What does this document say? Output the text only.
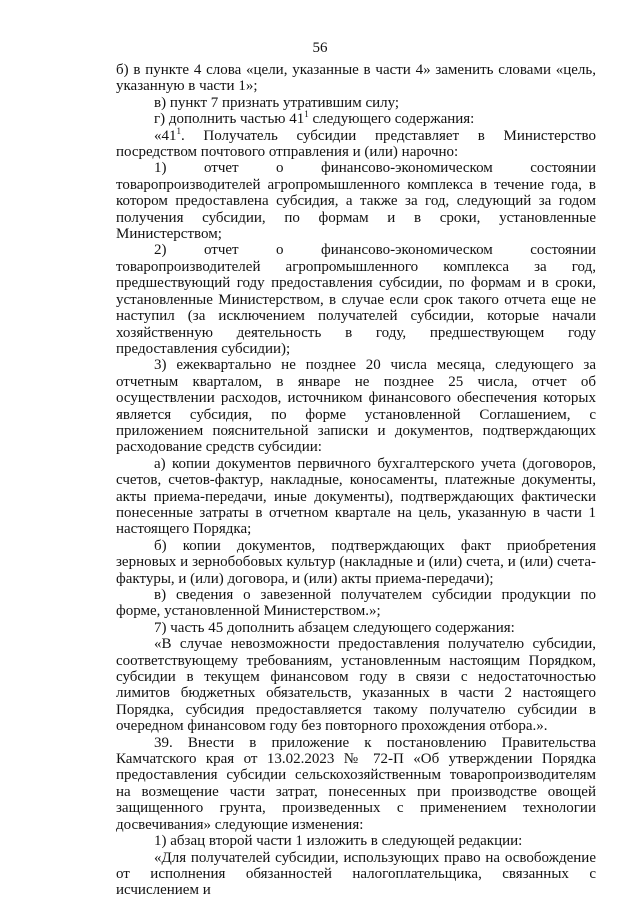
56

б) в пункте 4 слова «цели, указанные в части 4» заменить словами «цель, указанную в части 1»;

в) пункт 7 признать утратившим силу;

г) дополнить частью $41^1$ следующего содержания:

«$41^1$. Получатель субсидии представляет в Министерство посредством почтового отправления и (или) нарочно:

1) отчет о финансово-экономическом состоянии товаропроизводителей агропромышленного комплекса в течение года, в котором предоставлена субсидия, а также за год, следующий за годом получения субсидии, по формам и в сроки, установленные Министерством;

2) отчет о финансово-экономическом состоянии товаропроизводителей агропромышленного комплекса за год, предшествующий году предоставления субсидии, по формам и в сроки, установленные Министерством, в случае если срок такого отчета еще не наступил (за исключением получателей субсидии, которые начали хозяйственную деятельность в году, предшествующем году предоставления субсидии);

3) ежеквартально не позднее 20 числа месяца, следующего за отчетным кварталом, в январе не позднее 25 числа, отчет об осуществлении расходов, источником финансового обеспечения которых является субсидия, по форме установленной Соглашением, с приложением пояснительной записки и документов, подтверждающих расходование средств субсидии:

а) копии документов первичного бухгалтерского учета (договоров, счетов, счетов-фактур, накладные, коносаменты, платежные документы, акты приема-передачи, иные документы), подтверждающих фактически понесенные затраты в отчетном квартале на цель, указанную в части 1 настоящего Порядка;

б) копии документов, подтверждающих факт приобретения зерновых и зернобобовых культур (накладные и (или) счета, и (или) счета-фактуры, и (или) договора, и (или) акты приема-передачи);

в) сведения о завезенной получателем субсидии продукции по форме, установленной Министерством.»;

7) часть 45 дополнить абзацем следующего содержания:

«В случае невозможности предоставления получателю субсидии, соответствующему требованиям, установленным настоящим Порядком, субсидии в текущем финансовом году в связи с недостаточностью лимитов бюджетных обязательств, указанных в части 2 настоящего Порядка, субсидия предоставляется такому получателю субсидии в очередном финансовом году без повторного прохождения отбора.».

39. Внести в приложение к постановлению Правительства Камчатского края от 13.02.2023 № 72-П «Об утверждении Порядка предоставления субсидии сельскохозяйственным товаропроизводителям на возмещение части затрат, понесенных при производстве овощей защищенного грунта, произведенных с применением технологии досвечивания» следующие изменения:

1) абзац второй части 1 изложить в следующей редакции:

«Для получателей субсидии, использующих право на освобождение от исполнения обязанностей налогоплательщика, связанных с исчислением и
